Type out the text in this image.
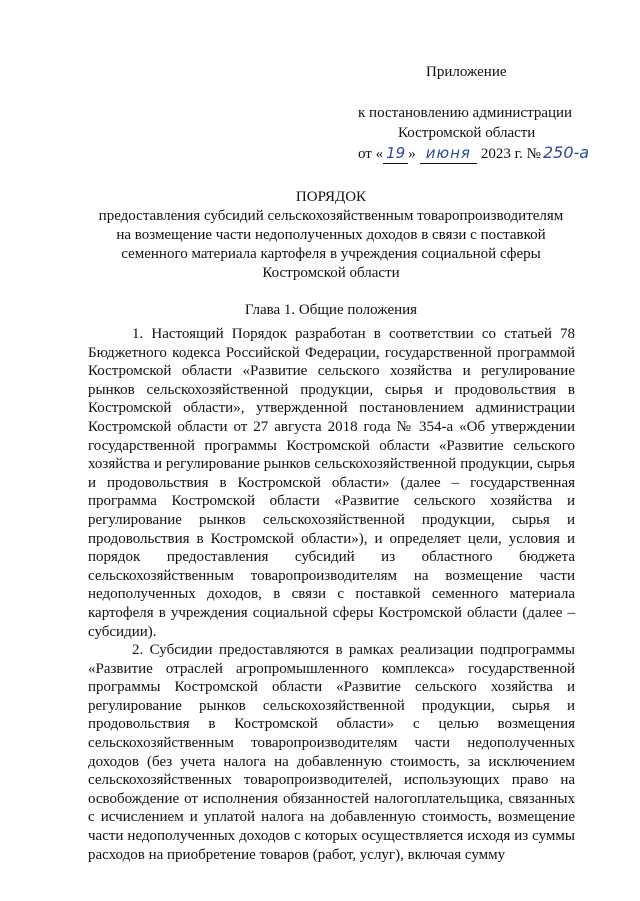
Приложение
к постановлению администрации
Костромской области
от « 19 » июня 2023 г. № 250-а
ПОРЯДОК
предоставления субсидий сельскохозяйственным товаропроизводителям
на возмещение части недополученных доходов в связи с поставкой
семенного материала картофеля в учреждения социальной сферы
Костромской области
Глава 1. Общие положения

1. Настоящий Порядок разработан в соответствии со статьей 78 Бюджетного кодекса Российской Федерации, государственной программой Костромской области «Развитие сельского хозяйства и регулирование рынков сельскохозяйственной продукции, сырья и продовольствия в Костромской области», утвержденной постановлением администрации Костромской области от 27 августа 2018 года № 354-а «Об утверждении государственной программы Костромской области «Развитие сельского хозяйства и регулирование рынков сельскохозяйственной продукции, сырья и продовольствия в Костромской области» (далее – государственная программа Костромской области «Развитие сельского хозяйства и регулирование рынков сельскохозяйственной продукции, сырья и продовольствия в Костромской области»), и определяет цели, условия и порядок предоставления субсидий из областного бюджета сельскохозяйственным товаропроизводителям на возмещение части недополученных доходов, в связи с поставкой семенного материала картофеля в учреждения социальной сферы Костромской области (далее – субсидии).

2. Субсидии предоставляются в рамках реализации подпрограммы «Развитие отраслей агропромышленного комплекса» государственной программы Костромской области «Развитие сельского хозяйства и регулирование рынков сельскохозяйственной продукции, сырья и продовольствия в Костромской области» с целью возмещения сельскохозяйственным товаропроизводителям части недополученных доходов (без учета налога на добавленную стоимость, за исключением сельскохозяйственных товаропроизводителей, использующих право на освобождение от исполнения обязанностей налогоплательщика, связанных с исчислением и уплатой налога на добавленную стоимость, возмещение части недополученных доходов с которых осуществляется исходя из суммы расходов на приобретение товаров (работ, услуг), включая сумму
